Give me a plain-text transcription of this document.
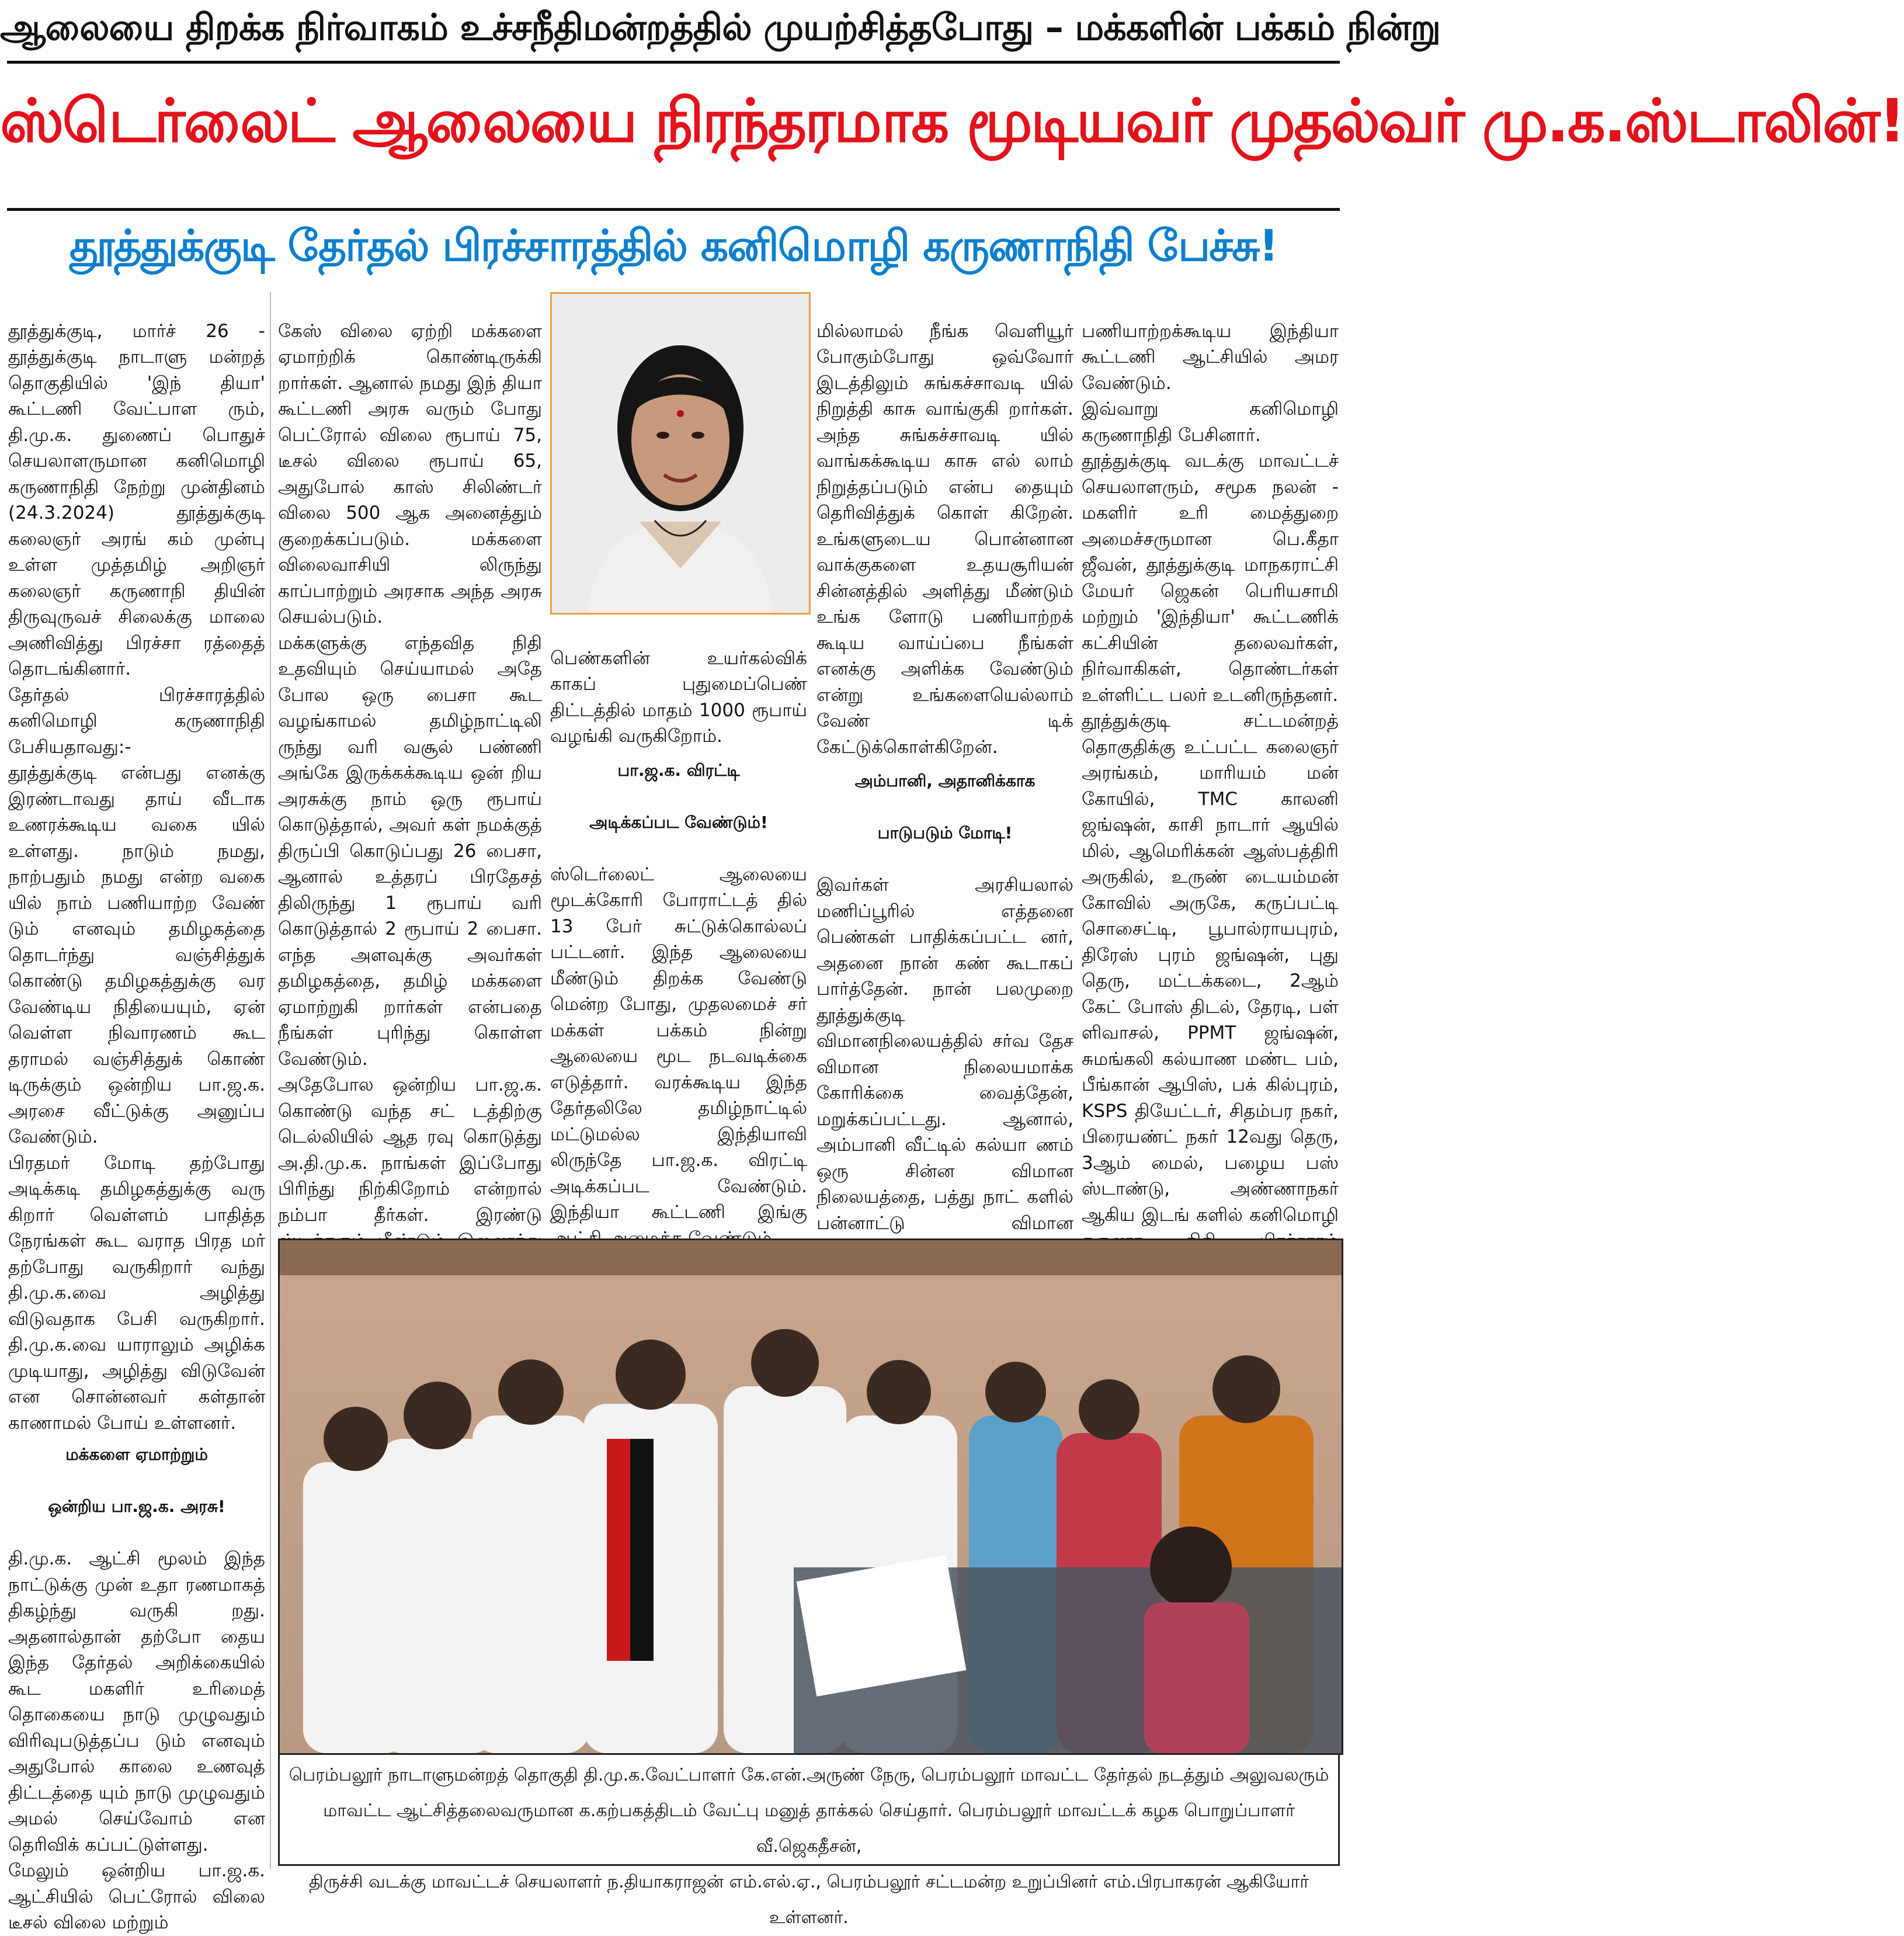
ஆலையை திறக்க நிர்வாகம் உச்சநீதிமன்றத்தில் முயற்சித்தபோது – மக்களின் பக்கம் நின்று
ஸ்டெர்லைட் ஆலையை நிரந்தரமாக மூடியவர் முதல்வர் மு.க.ஸ்டாலின்!
தூத்துக்குடி தேர்தல் பிரச்சாரத்தில் கனிமொழி கருணாநிதி பேச்சு!

தூத்துக்குடி, மார்ச் 26 - தூத்துக்குடி நாடாளு மன்றத் தொகுதியில் 'இந் தியா' கூட்டணி வேட்பாள ரும், தி.மு.க. துணைப் பொதுச் செயலாளருமான கனிமொழி கருணாநிதி நேற்று முன்தினம் (24.3.2024) தூத்துக்குடி கலைஞர் அரங் கம் முன்பு உள்ள முத்தமிழ் அறிஞர் கலைஞர் கருணாநி தியின் திருவுருவச் சிலைக்கு மாலை அணிவித்து பிரச்சா ரத்தைத் தொடங்கினார்.
தேர்தல் பிரச்சாரத்தில் கனிமொழி கருணாநிதி பேசியதாவது:-
தூத்துக்குடி என்பது எனக்கு இரண்டாவது தாய் வீடாக உணரக்கூடிய வகை யில் உள்ளது. நாடும் நமது, நாற்பதும் நமது என்ற வகை யில் நாம் பணியாற்ற வேண் டும் எனவும் தமிழகத்தை தொடர்ந்து வஞ்சித்துக் கொண்டு தமிழகத்துக்கு வர வேண்டிய நிதியையும், ஏன் வெள்ள நிவாரணம் கூட தராமல் வஞ்சித்துக் கொண் டிருக்கும் ஒன்றிய பா.ஜ.க. அரசை வீட்டுக்கு அனுப்ப வேண்டும்.
பிரதமர் மோடி தற்போது அடிக்கடி தமிழகத்துக்கு வரு கிறார் வெள்ளம் பாதித்த நேரங்கள் கூட வராத பிரத மர் தற்போது வருகிறார் வந்து தி.மு.க.வை அழித்து விடுவதாக பேசி வருகிறார். தி.மு.க.வை யாராலும் அழிக்க முடியாது, அழித்து விடுவேன் என சொன்னவர் கள்தான் காணாமல் போய் உள்ளனர்.

மக்களை ஏமாற்றும்

ஒன்றிய பா.ஜ.க. அரசு!

தி.மு.க. ஆட்சி மூலம் இந்த நாட்டுக்கு முன் உதா ரணமாகத் திகழ்ந்து வருகி றது. அதனால்தான் தற்போ தைய இந்த தேர்தல் அறிக்கையில் கூட மகளிர் உரிமைத் தொகையை நாடு முழுவதும் விரிவுபடுத்தப்ப டும் எனவும் அதுபோல் காலை உணவுத் திட்டத்தை யும் நாடு முழுவதும் அமல் செய்வோம் என தெரிவிக் கப்பட்டுள்ளது.
மேலும் ஒன்றிய பா.ஜ.க. ஆட்சியில் பெட்ரோல் விலை டீசல் விலை மற்றும்

கேஸ் விலை ஏற்றி மக்களை ஏமாற்றிக் கொண்டிருக்கி றார்கள். ஆனால் நமது இந் தியா கூட்டணி அரசு வரும் போது பெட்ரோல் விலை ரூபாய் 75, டீசல் விலை ரூபாய் 65, அதுபோல் காஸ் சிலிண்டர் விலை 500 ஆக அனைத்தும் குறைக்கப்படும். மக்களை விலைவாசியி லிருந்து காப்பாற்றும் அரசாக அந்த அரசு செயல்படும்.
மக்களுக்கு எந்தவித நிதி உதவியும் செய்யாமல் அதே போல ஒரு பைசா கூட வழங்காமல் தமிழ்நாட்டிலி ருந்து வரி வசூல் பண்ணி அங்கே இருக்கக்கூடிய ஒன் றிய அரசுக்கு நாம் ஒரு ரூபாய் கொடுத்தால், அவர் கள் நமக்குத் திருப்பி கொடுப்பது 26 பைசா, ஆனால் உத்தரப் பிரதேசத் திலிருந்து 1 ரூபாய் வரி கொடுத்தால் 2 ரூபாய் 2 பைசா. எந்த அளவுக்கு அவர்கள் தமிழகத்தை, தமிழ் மக்களை ஏமாற்றுகி றார்கள் என்பதை நீங்கள் புரிந்து கொள்ள வேண்டும்.
அதேபோல ஒன்றிய பா.ஜ.க. கொண்டு வந்த சட் டத்திற்கு டெல்லியில் ஆத ரவு கொடுத்து அ.தி.மு.க. நாங்கள் இப்போது பிரிந்து நிற்கிறோம் என்றால் நம்பா தீர்கள். இரண்டு

பெண்களின் உயர்கல்விக் காகப் புதுமைப்பெண் திட்டத்தில் மாதம் 1000 ரூபாய் வழங்கி வருகிறோம்.

பா.ஜ.க. விரட்டி

அடிக்கப்பட வேண்டும்!

ஸ்டெர்லைட் ஆலையை மூடக்கோரி போராட்டத் தில் 13 பேர் சுட்டுக்கொல்லப் பட்டனர். இந்த ஆலையை மீண்டும் திறக்க வேண்டு மென்ற போது, முதலமைச் சர் மக்கள் பக்கம் நின்று ஆலையை மூட நடவடிக்கை எடுத்தார். வரக்கூடிய இந்த தேர்தலிலே தமிழ்நாட்டில் மட்டுமல்ல இந்தியாவி லிருந்தே பா.ஜ.க. விரட்டி அடிக்கப்பட வேண்டும். இந்தியா கூட்டணி இங்கு

மில்லாமல் நீங்க வெளியூர் போகும்போது ஒவ்வோர் இடத்திலும் சுங்கச்சாவடி யில் நிறுத்தி காசு வாங்குகி றார்கள். அந்த சுங்கச்சாவடி யில் வாங்கக்கூடிய காசு எல் லாம் நிறுத்தப்படும் என்ப தையும் தெரிவித்துக் கொள் கிறேன். உங்களுடைய பொன்னான வாக்குகளை உதயசூரியன் சின்னத்தில் அளித்து மீண்டும் உங்க ளோடு பணியாற்றக் கூடிய வாய்ப்பை நீங்கள் எனக்கு அளிக்க வேண்டும் என்று உங்களையெல்லாம் வேண் டிக் கேட்டுக்கொள்கிறேன்.

அம்பானி, அதானிக்காக

பாடுபடும் மோடி!

இவர்கள் அரசியலால் மணிப்பூரில் எத்தனை பெண்கள் பாதிக்கப்பட்ட னர், அதனை நான் கண் கூடாகப் பார்த்தேன். நான் பலமுறை தூத்துக்குடி விமானநிலையத்தில் சர்வ தேச விமான நிலையமாக்க கோரிக்கை வைத்தேன், மறுக்கப்பட்டது. ஆனால், அம்பானி வீட்டில் கல்யா ணம் ஒரு சின்ன விமான நிலையத்தை, பத்து நாட் களில் பன்னாட்டு விமான

பணியாற்றக்கூடிய இந்தியா கூட்டணி ஆட்சியில் அமர வேண்டும்.
இவ்வாறு கனிமொழி கருணாநிதி பேசினார்.
தூத்துக்குடி வடக்கு மாவட்டச் செயலாளரும், சமூக நலன் - மகளிர் உரி மைத்துறை அமைச்சருமான பெ.கீதா ஜீவன், தூத்துக்குடி மாநகராட்சி மேயர் ஜெகன் பெரியசாமி மற்றும் 'இந்தியா' கூட்டணிக் கட்சியின் தலைவர்கள், நிர்வாகிகள், தொண்டர்கள் உள்ளிட்ட பலர் உடனிருந்தனர்.
தூத்துக்குடி சட்டமன்றத் தொகுதிக்கு உட்பட்ட கலைஞர் அரங்கம், மாரியம் மன் கோயில், TMC காலனி ஜங்ஷன், காசி நாடார் ஆயில் மில், ஆமெரிக்கன் ஆஸ்பத்திரி அருகில், உருண் டையம்மன் கோவில் அருகே, கருப்பட்டி சொசைட்டி, பூபால்ராயபுரம், திரேஸ் புரம் ஜங்ஷன், புது தெரு, மட்டக்கடை, 2ஆம் கேட் போஸ் திடல், தேரடி, பள் ளிவாசல், PPMT ஜங்ஷன், சுமங்கலி கல்யாண மண்ட பம், பீங்கான் ஆபிஸ், பக் கில்புரம், KSPS தியேட்டர், சிதம்பர நகர், பிரையண்ட் நகர் 12வது தெரு, 3ஆம் மைல், பழைய பஸ் ஸ்டாண்டு, அண்ணாநகர் ஆகிய இடங் களில் கனிமொழி

பெரம்பலூர் நாடாளுமன்றத் தொகுதி தி.மு.க.வேட்பாளர் கே.என்.அருண் நேரு, பெரம்பலூர் மாவட்ட தேர்தல் நடத்தும் அலுவலரும்
மாவட்ட ஆட்சித்தலைவருமான க.கற்பகத்திடம் வேட்பு மனுத் தாக்கல் செய்தார். பெரம்பலூர் மாவட்டக் கழக பொறுப்பாளர் வீ.ஜெகதீசன்,
திருச்சி வடக்கு மாவட்டச் செயலாளர் ந.தியாகராஜன் எம்.எல்.ஏ., பெரம்பலூர் சட்டமன்ற உறுப்பினர் எம்.பிரபாகரன் ஆகியோர் உள்ளனர்.
